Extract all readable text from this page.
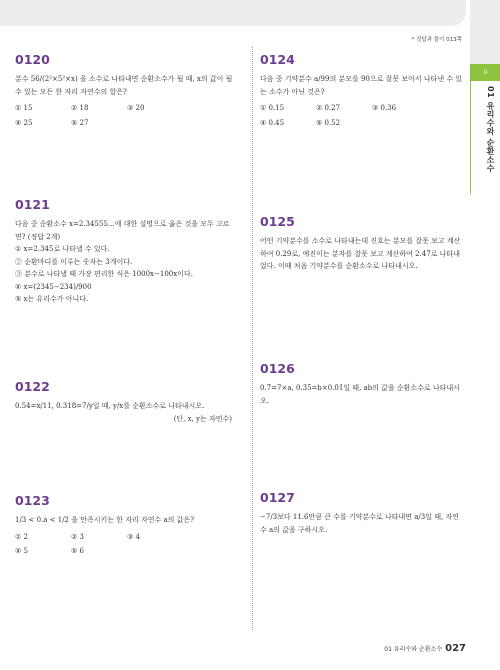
II
01 유리수와 순환소수
* 정답과 풀이 013쪽
0120
분수 56/(2²×5²×x) 을 소수로 나타내면 순환소수가 될 때, x의 값이 될 수 있는 모든 한 자리 자연수의 합은?
① 15	② 18	③ 20
④ 25	⑤ 27
0121
다음 중 순환소수 x=2.34555…에 대한 설명으로 옳은 것을 모두 고르면? (정답 2개)
① x=2.345̇로 나타낼 수 있다.
② 순환마디를 이루는 숫자는 3개이다.
③ 분수로 나타낼 때 가장 편리한 식은 1000x−100x이다.
④ x=(2345−234)/900
⑤ x는 유리수가 아니다.
0122
0.54̇=x/11, 0.318̇=7/y일 때, y/x를 순환소수로 나타내시오.
(단, x, y는 자연수)
0123
1/3 < 0.ȧ < 1/2 을 만족시키는 한 자리 자연수 a의 값은?
① 2	② 3	③ 4
④ 5	⑤ 6
0124
다음 중 기약분수 a/99의 분모를 90으로 잘못 보아서 나타낸 수 있는 소수가 아닌 것은?
① 0.15	② 0.27	③ 0.36
④ 0.45	⑤ 0.52
0125
어떤 기약분수를 소수로 나타내는데 진호는 분모를 잘못 보고 계산하여 0.29̇로, 예진이는 분자를 잘못 보고 계산하여 2.4̇7̇로 나타내었다. 이때 처음 기약분수를 순환소수로 나타내시오.
0126
0.7̇=7×a, 0.3̇5̇=b×0.0̇1̇일 때, ab의 값을 순환소수로 나타내시오.
0127
−7/3보다 11.6̇만큼 큰 수를 기약분수로 나타내면 a/3일 때, 자연수 a의 값을 구하시오.
01 유리수와 순환소수 027
